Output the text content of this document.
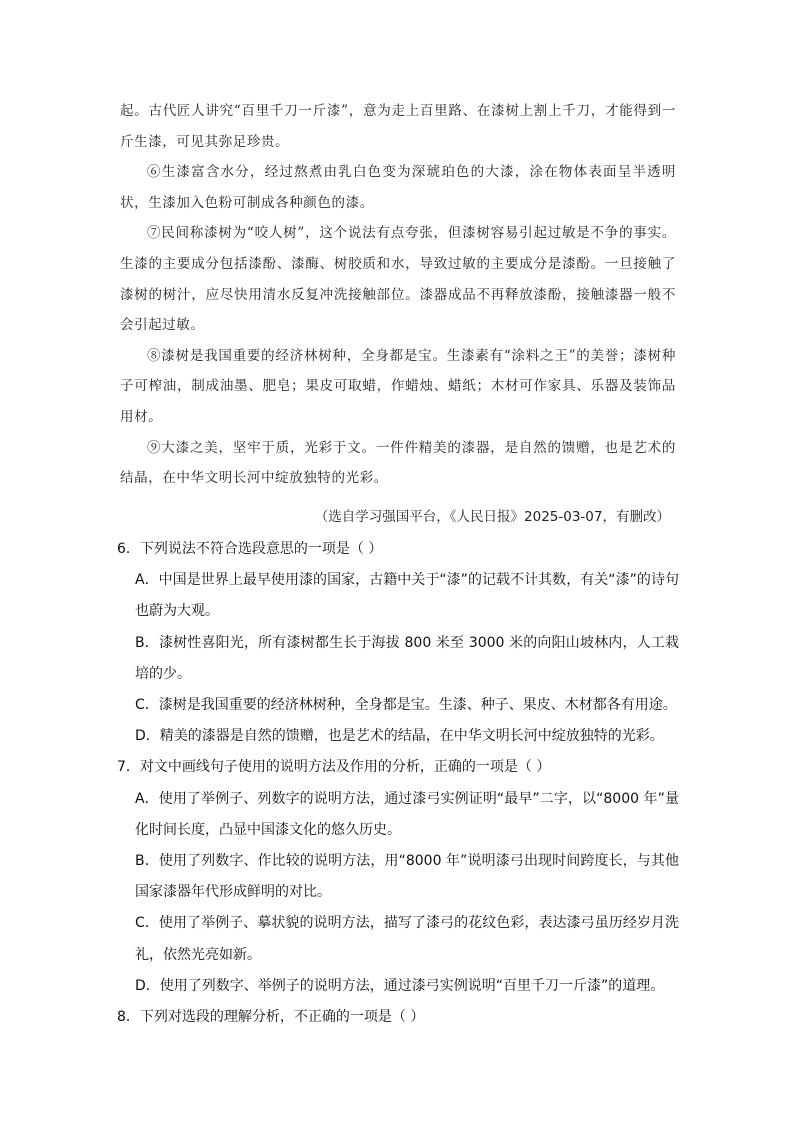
起。古代匠人讲究“百里千刀一斤漆”，意为走上百里路、在漆树上割上千刀，才能得到一斤生漆，可见其弥足珍贵。

⑥生漆富含水分，经过熬煮由乳白色变为深琥珀色的大漆，涂在物体表面呈半透明状，生漆加入色粉可制成各种颜色的漆。

⑦民间称漆树为“咬人树”，这个说法有点夸张，但漆树容易引起过敏是不争的事实。生漆的主要成分包括漆酚、漆酶、树胶质和水，导致过敏的主要成分是漆酚。一旦接触了漆树的树汁，应尽快用清水反复冲洗接触部位。漆器成品不再释放漆酚，接触漆器一般不会引起过敏。

⑧漆树是我国重要的经济林树种，全身都是宝。生漆素有“涂料之王”的美誉；漆树种子可榨油，制成油墨、肥皂；果皮可取蜡，作蜡烛、蜡纸；木材可作家具、乐器及装饰品用材。

⑨大漆之美，坚牢于质，光彩于文。一件件精美的漆器，是自然的馈赠，也是艺术的结晶，在中华文明长河中绽放独特的光彩。

（选自学习强国平台，《人民日报》2025-03-07，有删改）

6．下列说法不符合选段意思的一项是（ ）

A．中国是世界上最早使用漆的国家，古籍中关于“漆”的记载不计其数，有关“漆”的诗句也蔚为大观。

B．漆树性喜阳光，所有漆树都生长于海拔 800 米至 3000 米的向阳山坡林内，人工栽培的少。

C．漆树是我国重要的经济林树种，全身都是宝。生漆、种子、果皮、木材都各有用途。

D．精美的漆器是自然的馈赠，也是艺术的结晶，在中华文明长河中绽放独特的光彩。

7．对文中画线句子使用的说明方法及作用的分析，正确的一项是（ ）

A．使用了举例子、列数字的说明方法，通过漆弓实例证明“最早”二字，以“8000 年”量化时间长度，凸显中国漆文化的悠久历史。

B．使用了列数字、作比较的说明方法，用“8000 年”说明漆弓出现时间跨度长，与其他国家漆器年代形成鲜明的对比。

C．使用了举例子、摹状貌的说明方法，描写了漆弓的花纹色彩，表达漆弓虽历经岁月洗礼，依然光亮如新。

D．使用了列数字、举例子的说明方法，通过漆弓实例说明“百里千刀一斤漆”的道理。

8．下列对选段的理解分析，不正确的一项是（ ）
